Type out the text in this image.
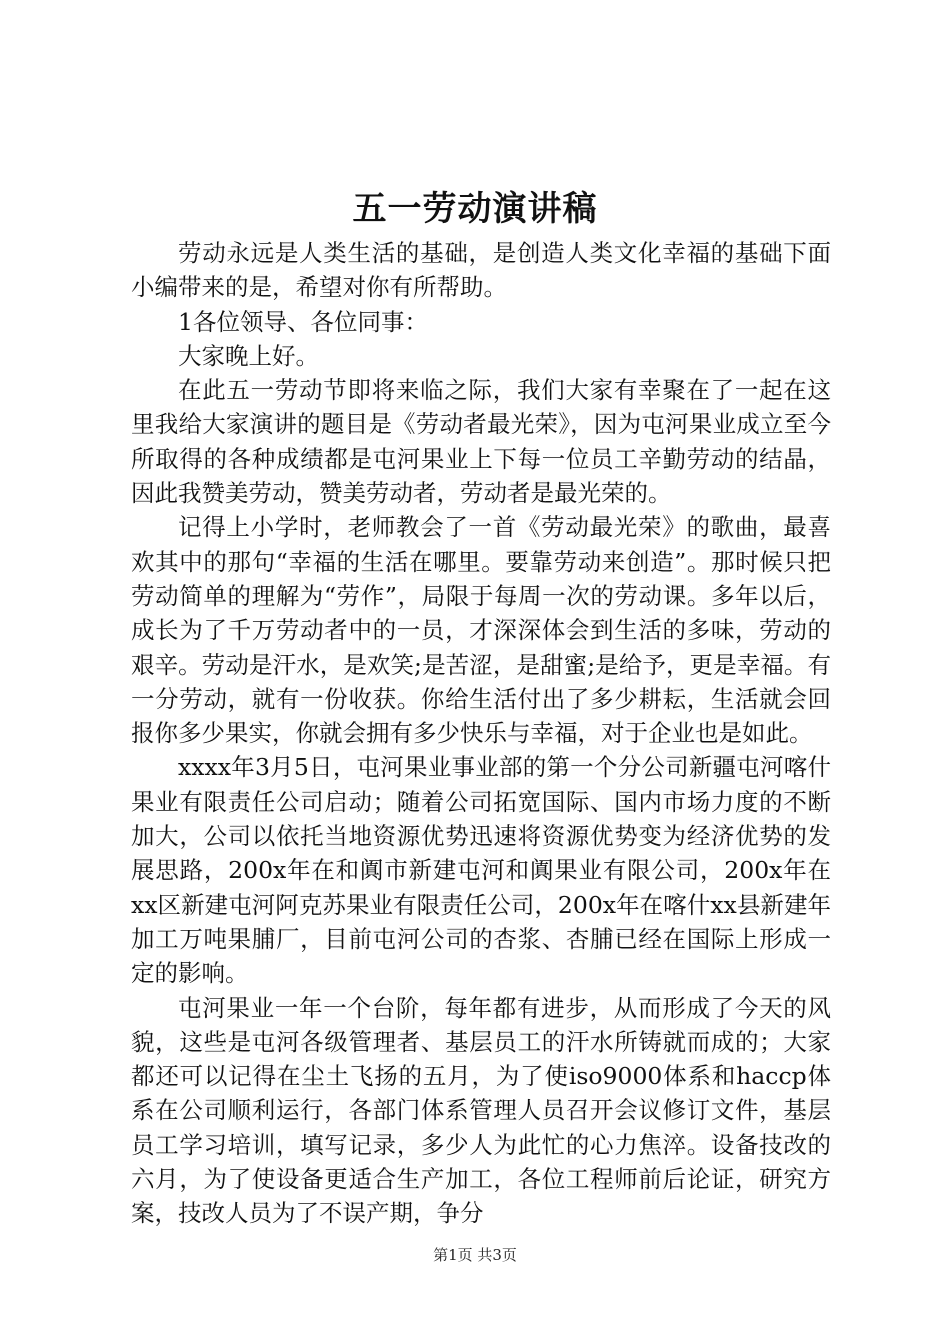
五一劳动演讲稿

劳动永远是人类生活的基础，是创造人类文化幸福的基础下面小编带来的是，希望对你有所帮助。

1各位领导、各位同事：

大家晚上好。

在此五一劳动节即将来临之际，我们大家有幸聚在了一起在这里我给大家演讲的题目是《劳动者最光荣》，因为屯河果业成立至今所取得的各种成绩都是屯河果业上下每一位员工辛勤劳动的结晶，因此我赞美劳动，赞美劳动者，劳动者是最光荣的。

记得上小学时，老师教会了一首《劳动最光荣》的歌曲，最喜欢其中的那句“幸福的生活在哪里。要靠劳动来创造”。那时候只把劳动简单的理解为“劳作”，局限于每周一次的劳动课。多年以后，成长为了千万劳动者中的一员，才深深体会到生活的多味，劳动的艰辛。劳动是汗水，是欢笑;是苦涩，是甜蜜;是给予，更是幸福。有一分劳动，就有一份收获。你给生活付出了多少耕耘，生活就会回报你多少果实，你就会拥有多少快乐与幸福，对于企业也是如此。

xxxx年3月5日，屯河果业事业部的第一个分公司新疆屯河喀什果业有限责任公司启动；随着公司拓宽国际、国内市场力度的不断加大，公司以依托当地资源优势迅速将资源优势变为经济优势的发展思路，200x年在和阗市新建屯河和阗果业有限公司，200x年在xx区新建屯河阿克苏果业有限责任公司，200x年在喀什xx县新建年加工万吨果脯厂，目前屯河公司的杏浆、杏脯已经在国际上形成一定的影响。

屯河果业一年一个台阶，每年都有进步，从而形成了今天的风貌，这些是屯河各级管理者、基层员工的汗水所铸就而成的；大家都还可以记得在尘土飞扬的五月，为了使iso9000体系和haccp体系在公司顺利运行，各部门体系管理人员召开会议修订文件，基层员工学习培训，填写记录，多少人为此忙的心力焦淬。设备技改的六月，为了使设备更适合生产加工，各位工程师前后论证，研究方案，技改人员为了不误产期，争分

第1页 共3页
